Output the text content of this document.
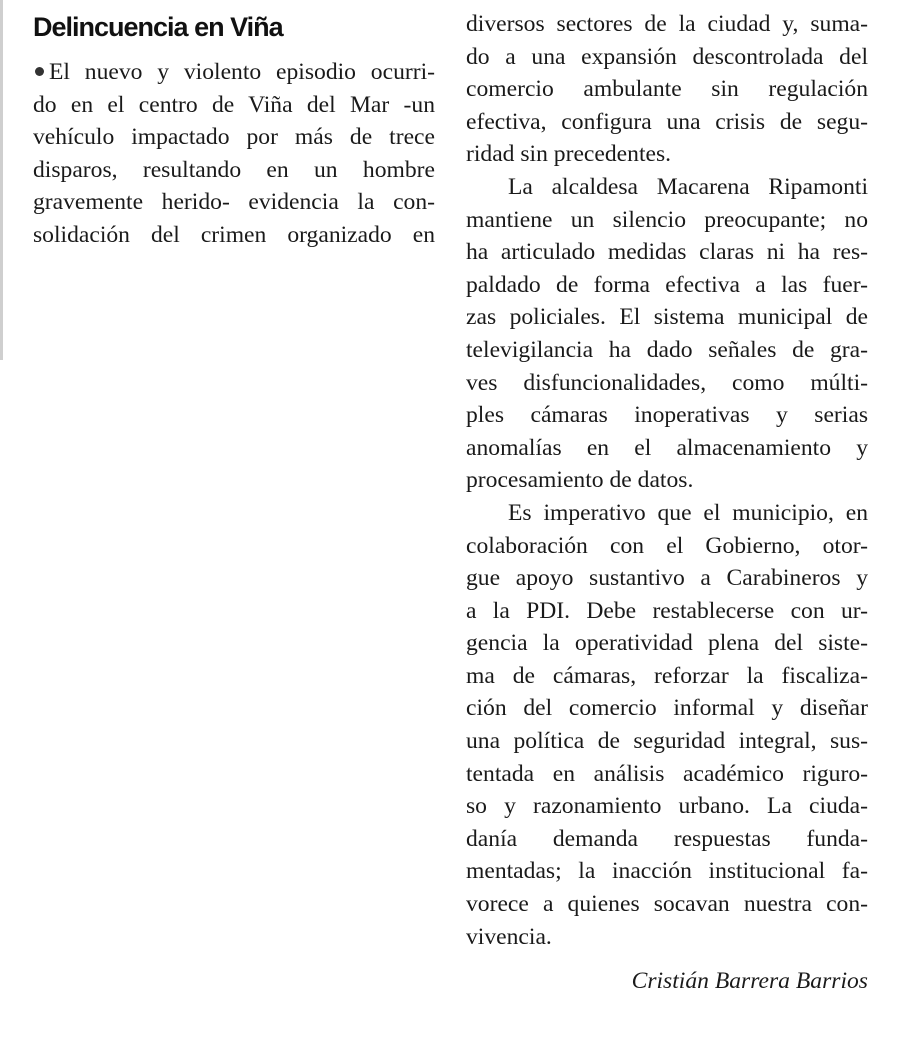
Delincuencia en Viña
El nuevo y violento episodio ocurri-
do en el centro de Viña del Mar -un
vehículo impactado por más de trece
disparos, resultando en un hombre
gravemente herido- evidencia la con-
solidación del crimen organizado en
diversos sectores de la ciudad y, suma-
do a una expansión descontrolada del
comercio ambulante sin regulación
efectiva, configura una crisis de segu-
ridad sin precedentes.
La alcaldesa Macarena Ripamonti
mantiene un silencio preocupante; no
ha articulado medidas claras ni ha res-
paldado de forma efectiva a las fuer-
zas policiales. El sistema municipal de
televigilancia ha dado señales de gra-
ves disfuncionalidades, como múlti-
ples cámaras inoperativas y serias
anomalías en el almacenamiento y
procesamiento de datos.
Es imperativo que el municipio, en
colaboración con el Gobierno, otor-
gue apoyo sustantivo a Carabineros y
a la PDI. Debe restablecerse con ur-
gencia la operatividad plena del siste-
ma de cámaras, reforzar la fiscaliza-
ción del comercio informal y diseñar
una política de seguridad integral, sus-
tentada en análisis académico riguro-
so y razonamiento urbano. La ciuda-
danía demanda respuestas funda-
mentadas; la inacción institucional fa-
vorece a quienes socavan nuestra con-
vivencia.
Cristián Barrera Barrios
